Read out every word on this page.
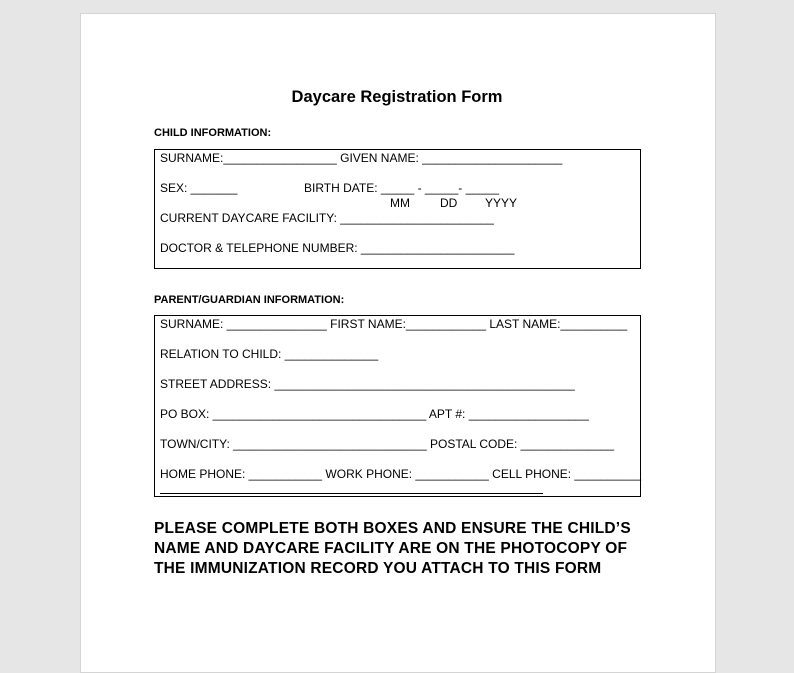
Daycare Registration Form
CHILD INFORMATION:
SURNAME:_________________ GIVEN NAME: _____________________
SEX: _______	BIRTH DATE: _____ - _____- _____
MM	DD YYYY
CURRENT DAYCARE FACILITY: _______________________
DOCTOR & TELEPHONE NUMBER: _______________________
PARENT/GUARDIAN INFORMATION:
SURNAME: _______________ FIRST NAME:____________ LAST NAME:__________
RELATION TO CHILD: ______________
STREET ADDRESS: _____________________________________________
PO BOX: ________________________________ APT #: __________________
TOWN/CITY: _____________________________ POSTAL CODE: ______________
HOME PHONE: ___________ WORK PHONE: ___________ CELL PHONE: __________
PLEASE COMPLETE BOTH BOXES AND ENSURE THE CHILD’S
NAME AND DAYCARE FACILITY ARE ON THE PHOTOCOPY OF
THE IMMUNIZATION RECORD YOU ATTACH TO THIS FORM
